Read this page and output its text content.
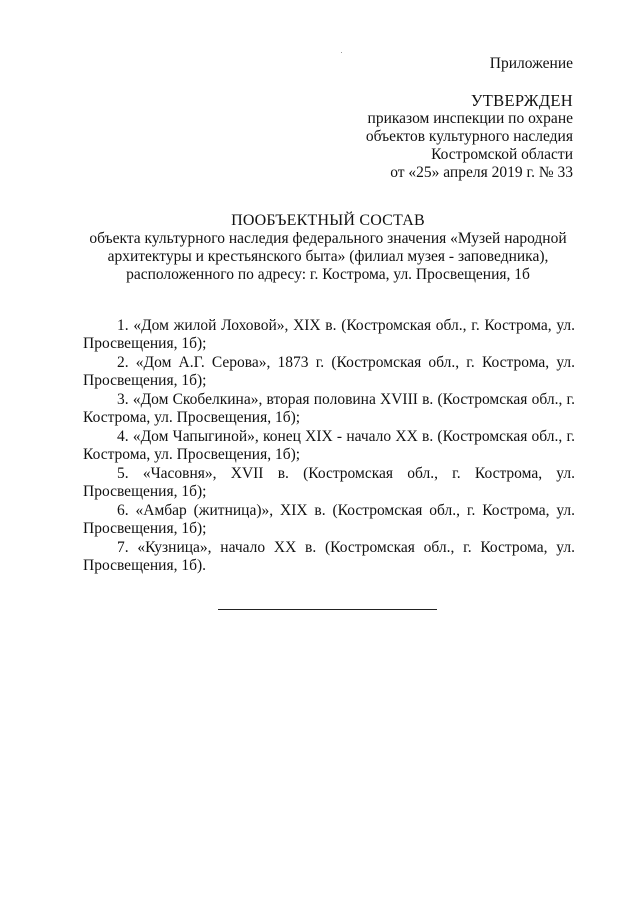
Приложение
УТВЕРЖДЕН
приказом инспекции по охране
объектов культурного наследия
Костромской области
от «25» апреля 2019 г. № 33
ПООБЪЕКТНЫЙ СОСТАВ
объекта культурного наследия федерального значения «Музей народной
архитектуры и крестьянского быта» (филиал музея - заповедника),
расположенного по адресу: г. Кострома, ул. Просвещения, 1б

1. «Дом жилой Лоховой», XIX в. (Костромская обл., г. Кострома, ул. Просвещения, 1б);

2. «Дом А.Г. Серова», 1873 г. (Костромская обл., г. Кострома, ул. Просвещения, 1б);

3. «Дом Скобелкина», вторая половина XVIII в. (Костромская обл., г. Кострома, ул. Просвещения, 1б);

4. «Дом Чапыгиной», конец XIX - начало XX в. (Костромская обл., г. Кострома, ул. Просвещения, 1б);

5. «Часовня», XVII в. (Костромская обл., г. Кострома, ул. Просвещения, 1б);

6. «Амбар (житница)», XIX в. (Костромская обл., г. Кострома, ул. Просвещения, 1б);

7. «Кузница», начало XX в. (Костромская обл., г. Кострома, ул. Просвещения, 1б).
